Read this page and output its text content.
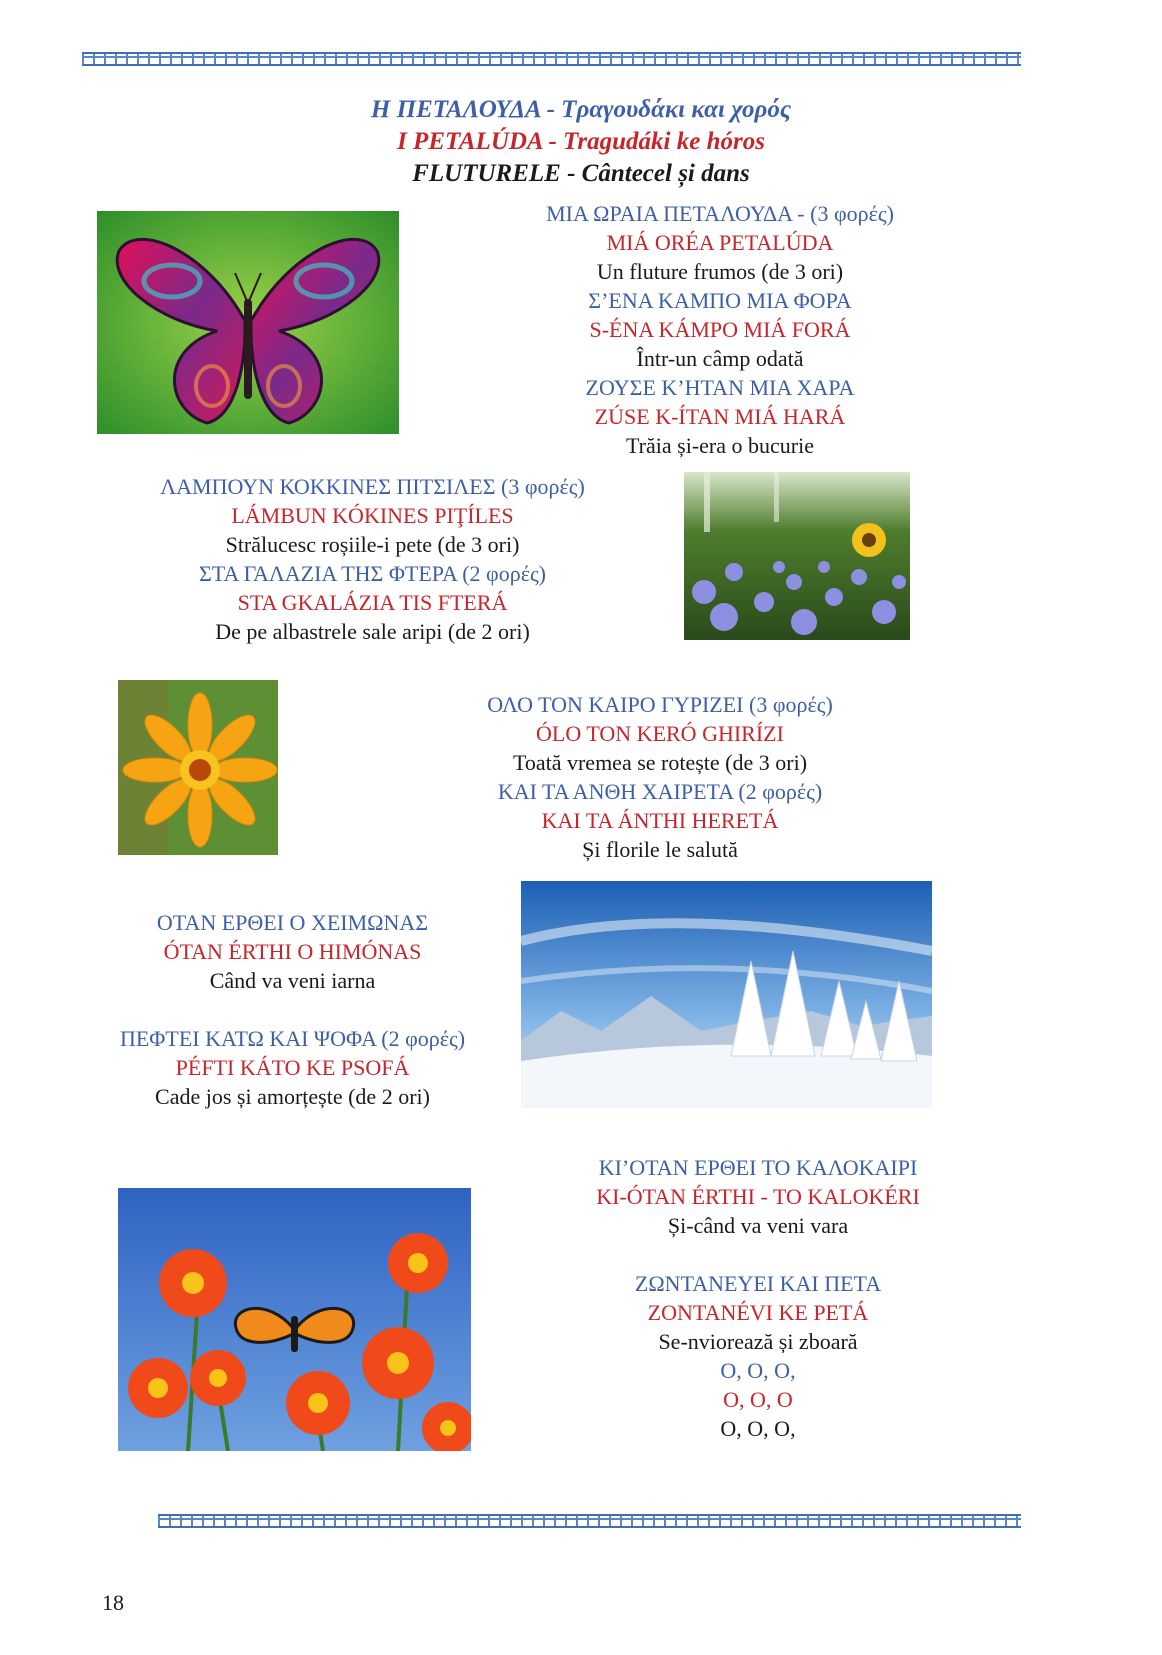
Η ΠΕΤΑΛΟΥΔΑ - Τραγουδάκι και χορός
I PETALÚDA - Tragudáki ke hóros
FLUTURELE - Cântecel și dans
ΜΙΑ ΩΡΑΙΑ ΠΕΤΑΛΟΥΔΑ - (3 φορές)
MIÁ ORÉA PETALÚDA
Un fluture frumos (de 3 ori)
Σ’ΕΝΑ ΚΑΜΠΟ ΜΙΑ ΦΟΡΑ
S-ÉNA KÁMPO MIÁ FORÁ
Într-un câmp odată
ΖΟΥΣΕ Κ’ΗΤΑΝ ΜΙΑ ΧΑΡΑ
ZÚSE K-ÍTAN MIÁ HARÁ
Trăia și-era o bucurie
ΛΑΜΠΟΥΝ ΚΟΚΚΙΝΕΣ ΠΙΤΣΙΛΕΣ (3 φορές)
LÁMBUN KÓKINES PIŢÍLES
Strălucesc roșiile-i pete (de 3 ori)
ΣΤΑ ΓΑΛΑΖΙΑ ΤΗΣ ΦΤΕΡΑ (2 φορές)
STA GKALÁZIA TIS FTERÁ
De pe albastrele sale aripi (de 2 ori)
ΟΛΟ ΤΟΝ ΚΑΙΡΟ ΓΥΡΙΖΕΙ (3 φορές)
ÓLO TON KERÓ GHIRÍZI
Toată vremea se rotește (de 3 ori)
ΚΑΙ ΤΑ ΑΝΘΗ ΧΑΙΡΕΤΑ (2 φορές)
KAI TA ÁNTHI HERETÁ
Și florile le salută
ΟΤΑΝ ΕΡΘΕΙ Ο ΧΕΙΜΩΝΑΣ
ÓTAN ÉRTHI O HIMÓNAS
Când va veni iarna
ΠΕΦΤΕΙ ΚΑΤΩ ΚΑΙ ΨΟΦΑ (2 φορές)
PÉFTI KÁTO KE PSOFÁ
Cade jos și amorțește (de 2 ori)
ΚΙ’ΟΤΑΝ ΕΡΘΕΙ ΤΟ ΚΑΛΟΚΑΙΡΙ
KI-ÓTAN ÉRTHI - TO KALOKÉRI
Și-când va veni vara
ΖΩΝΤΑΝΕΥΕΙ ΚΑΙ ΠΕΤΑ
ZONTANÉVI KE PETÁ
Se-nviorează și zboară
Ο, Ο, Ο,
O, O, O
O, O, O,
18
